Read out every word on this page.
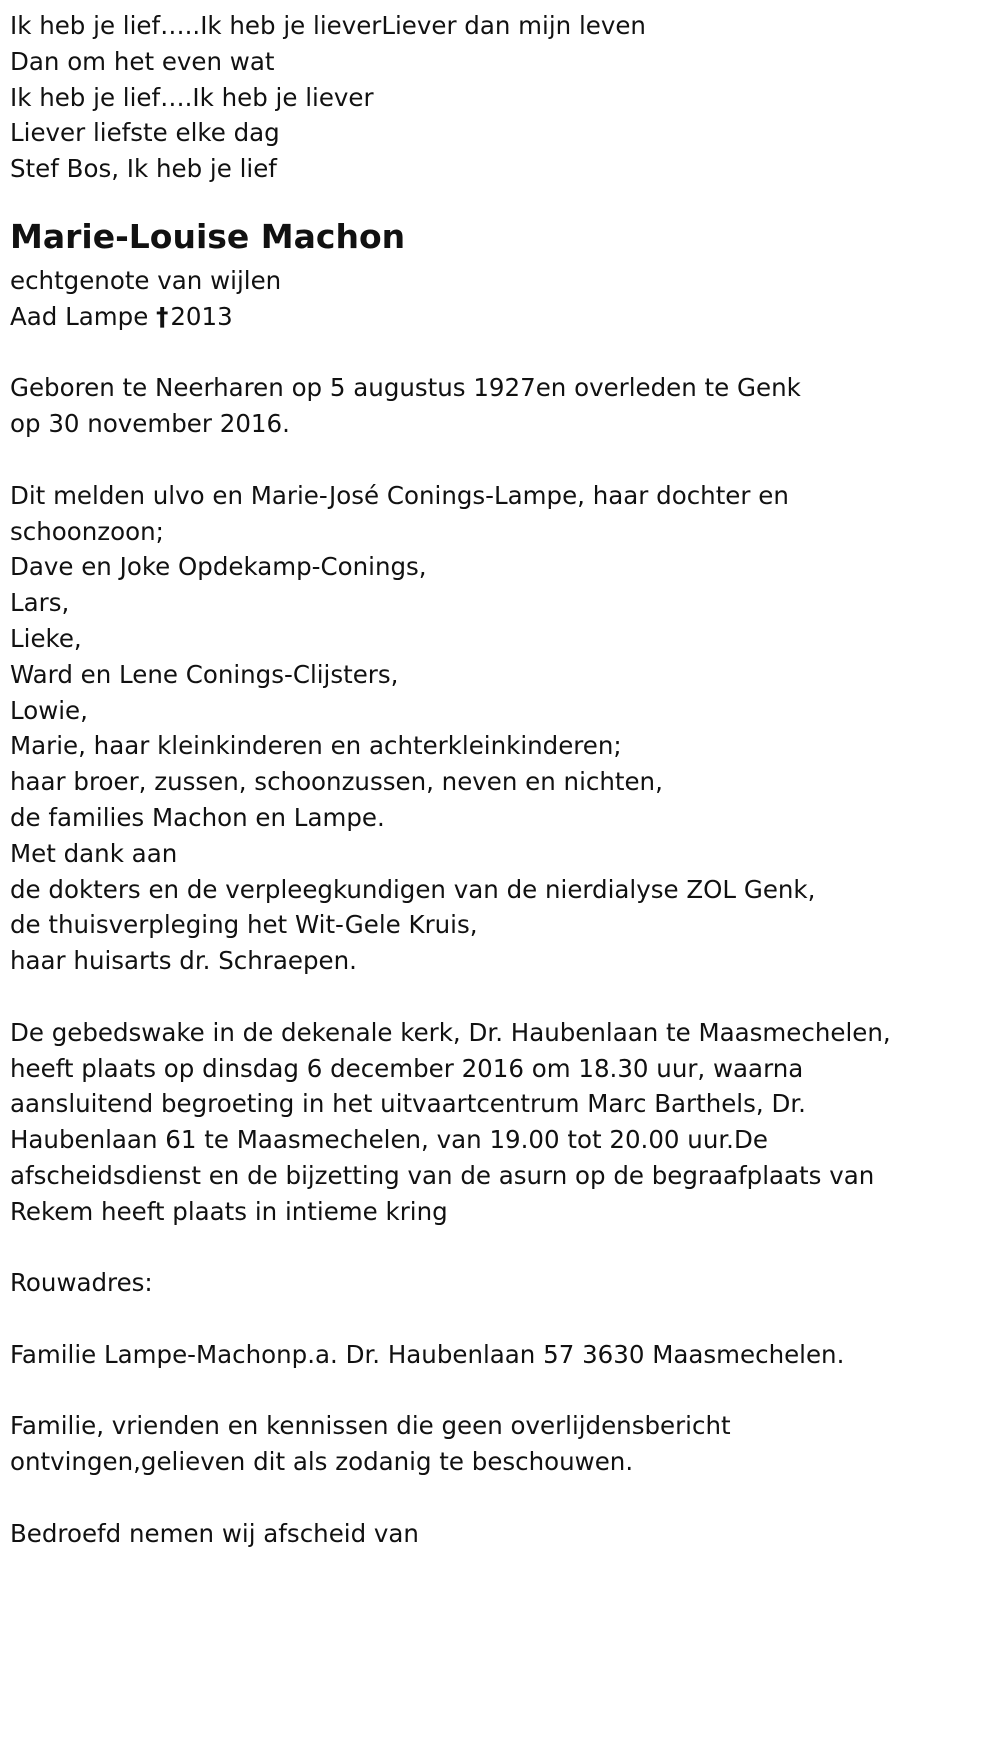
Ik heb je lief…..Ik heb je lieverLiever dan mijn leven
Dan om het even wat
Ik heb je lief….Ik heb je liever
Liever liefste elke dag
Stef Bos, Ik heb je lief
Marie-Louise Machon
echtgenote van wijlen
Aad Lampe †2013
Geboren te Neerharen op 5 augustus 1927en overleden te Genk
op 30 november 2016.
Dit melden ulvo en Marie-José Conings-Lampe, haar dochter en
schoonzoon;
Dave en Joke Opdekamp-Conings,
Lars,
Lieke,
Ward en Lene Conings-Clijsters,
Lowie,
Marie, haar kleinkinderen en achterkleinkinderen;
haar broer, zussen, schoonzussen, neven en nichten,
de families Machon en Lampe.
Met dank aan
de dokters en de verpleegkundigen van de nierdialyse ZOL Genk,
de thuisverpleging het Wit-Gele Kruis,
haar huisarts dr. Schraepen.
De gebedswake in de dekenale kerk, Dr. Haubenlaan te Maasmechelen,
heeft plaats op dinsdag 6 december 2016 om 18.30 uur, waarna
aansluitend begroeting in het uitvaartcentrum Marc Barthels, Dr.
Haubenlaan 61 te Maasmechelen, van 19.00 tot 20.00 uur.De
afscheidsdienst en de bijzetting van de asurn op de begraafplaats van
Rekem heeft plaats in intieme kring
Rouwadres:
Familie Lampe-Machonp.a. Dr. Haubenlaan 57 3630 Maasmechelen.
Familie, vrienden en kennissen die geen overlijdensbericht
ontvingen,gelieven dit als zodanig te beschouwen.
Bedroefd nemen wij afscheid van
